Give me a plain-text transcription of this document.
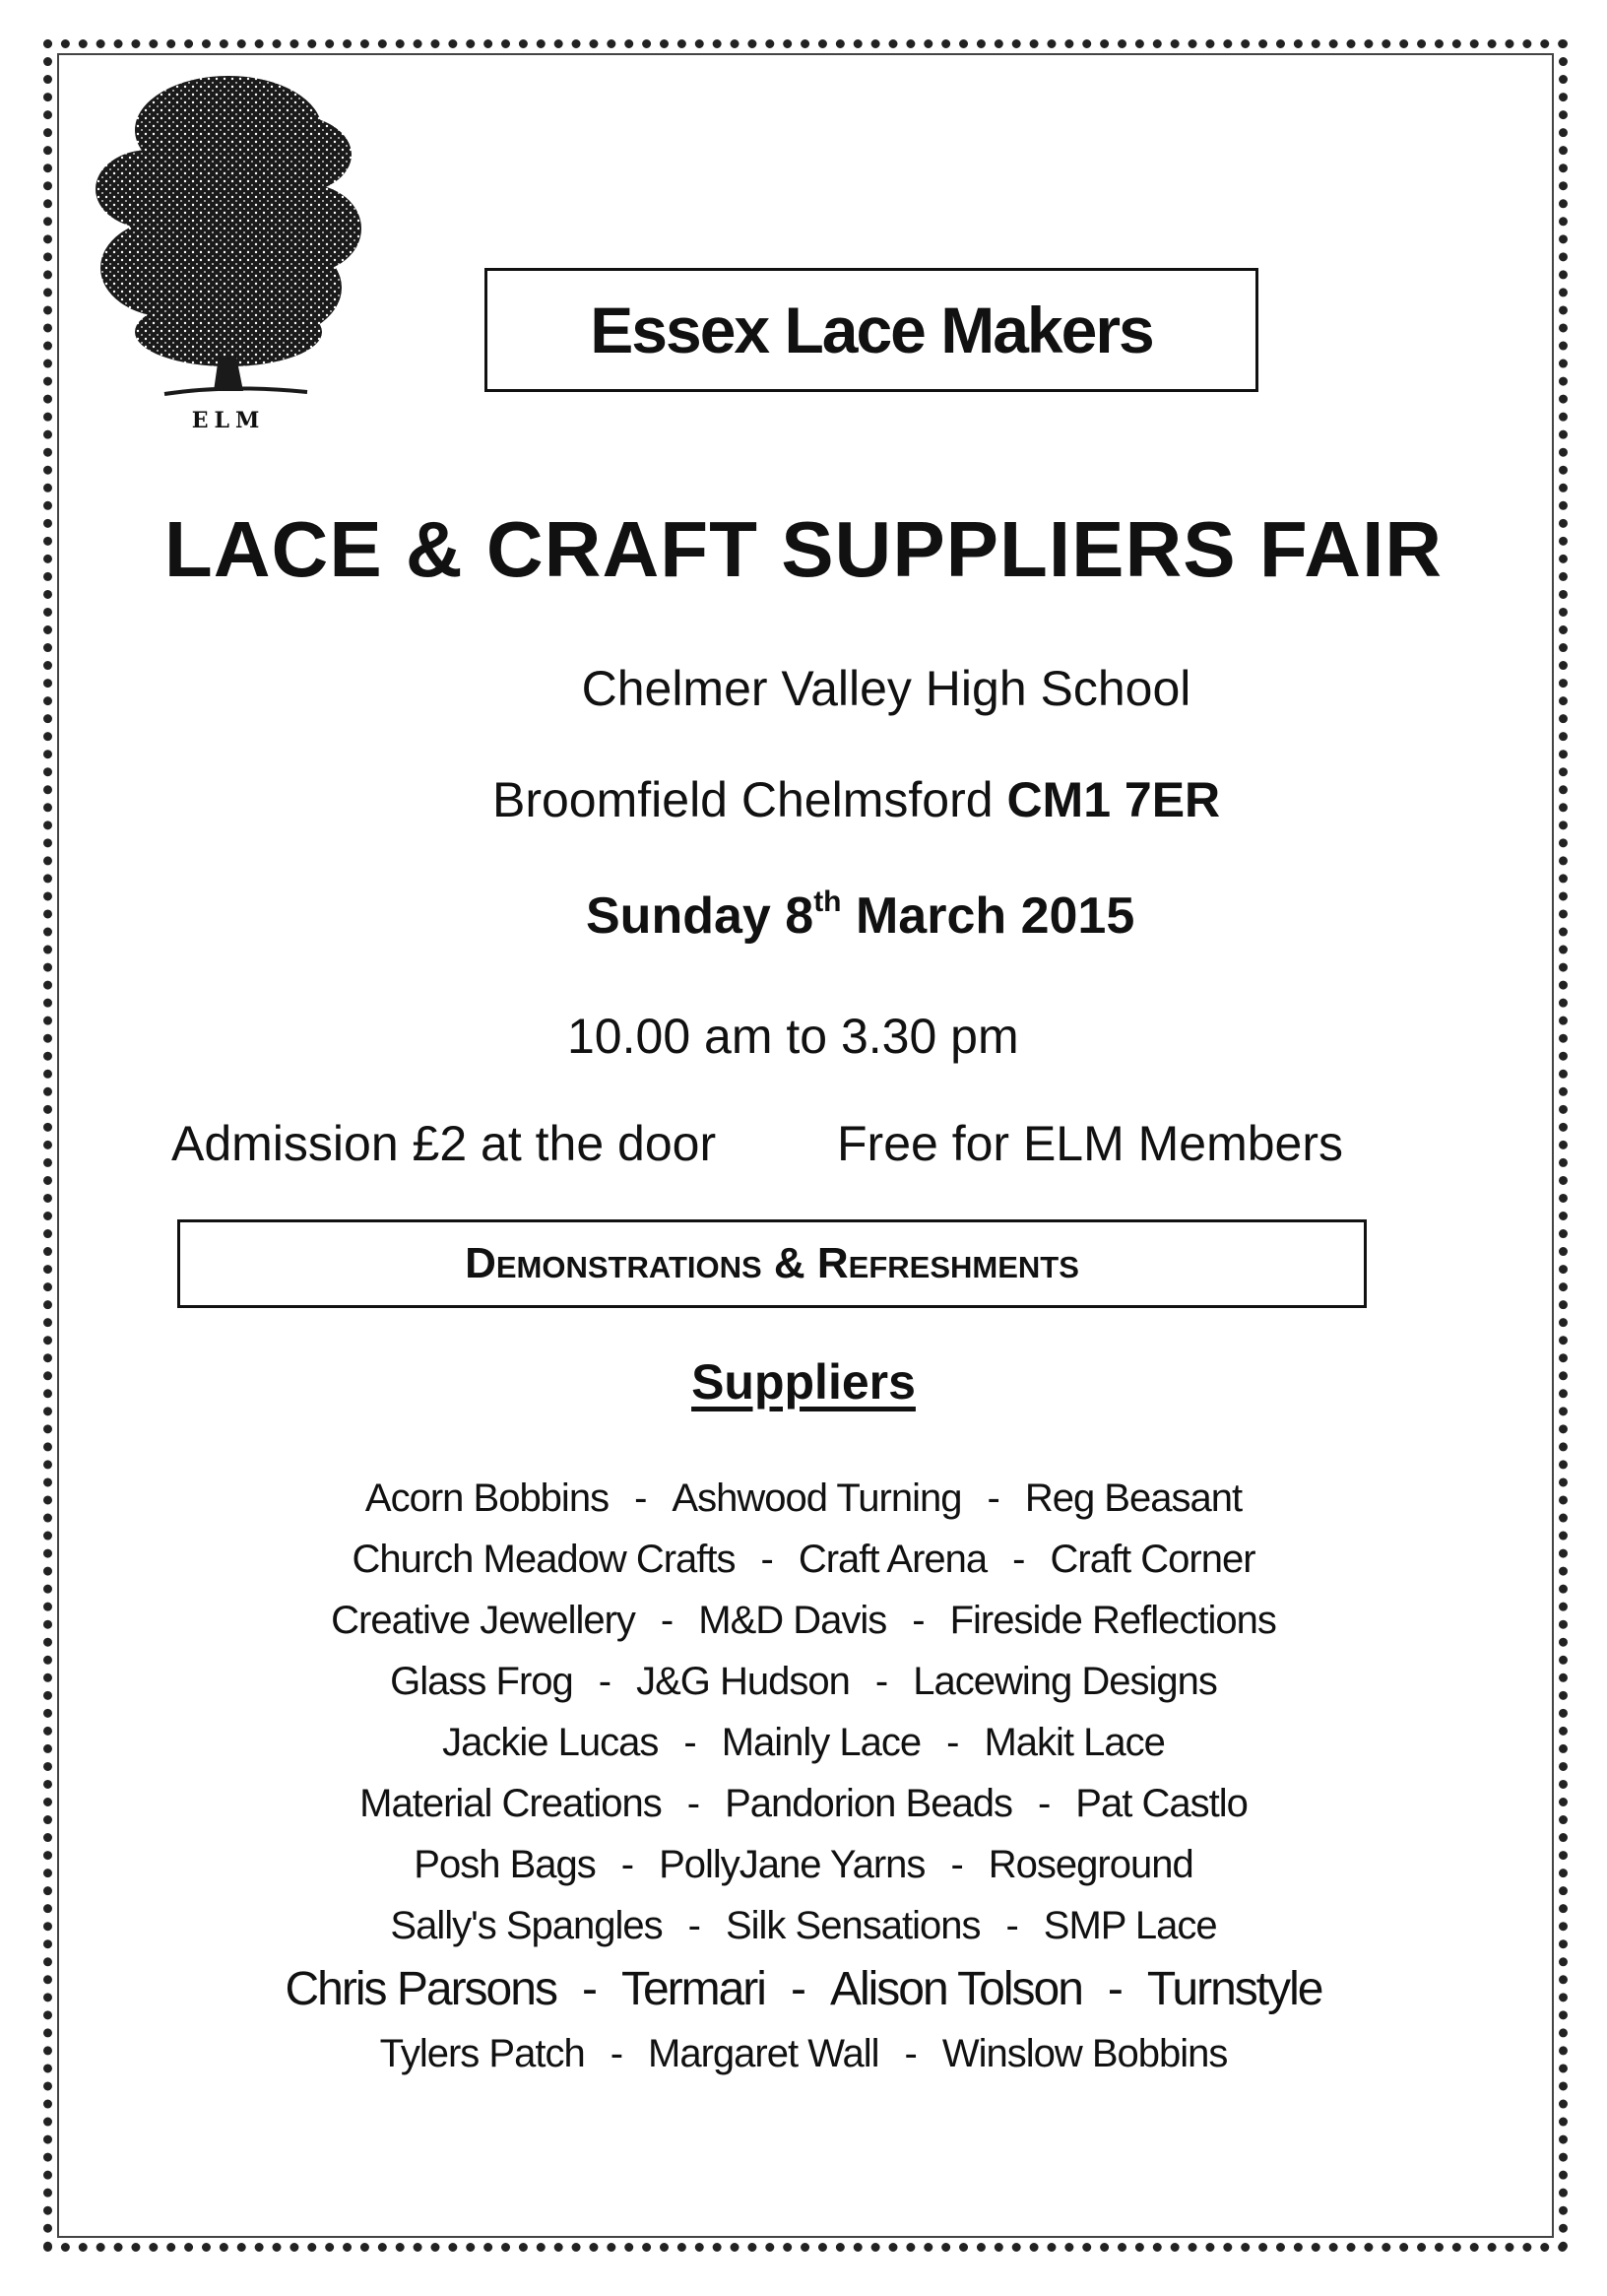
ELM
Essex Lace Makers
LACE & CRAFT SUPPLIERS FAIR
Chelmer Valley High School
Broomfield Chelmsford CM1 7ER
Sunday 8th March 2015
10.00 am to 3.30 pm
Admission £2 at the door Free for ELM Members
Demonstrations & Refreshments
Suppliers
Acorn Bobbins - Ashwood Turning - Reg Beasant
Church Meadow Crafts - Craft Arena - Craft Corner
Creative Jewellery - M&D Davis - Fireside Reflections
Glass Frog - J&G Hudson - Lacewing Designs
Jackie Lucas - Mainly Lace - Makit Lace
Material Creations - Pandorion Beads - Pat Castlo
Posh Bags - PollyJane Yarns - Roseground
Sally's Spangles - Silk Sensations - SMP Lace
Chris Parsons - Termari - Alison Tolson - Turnstyle
Tylers Patch - Margaret Wall - Winslow Bobbins
